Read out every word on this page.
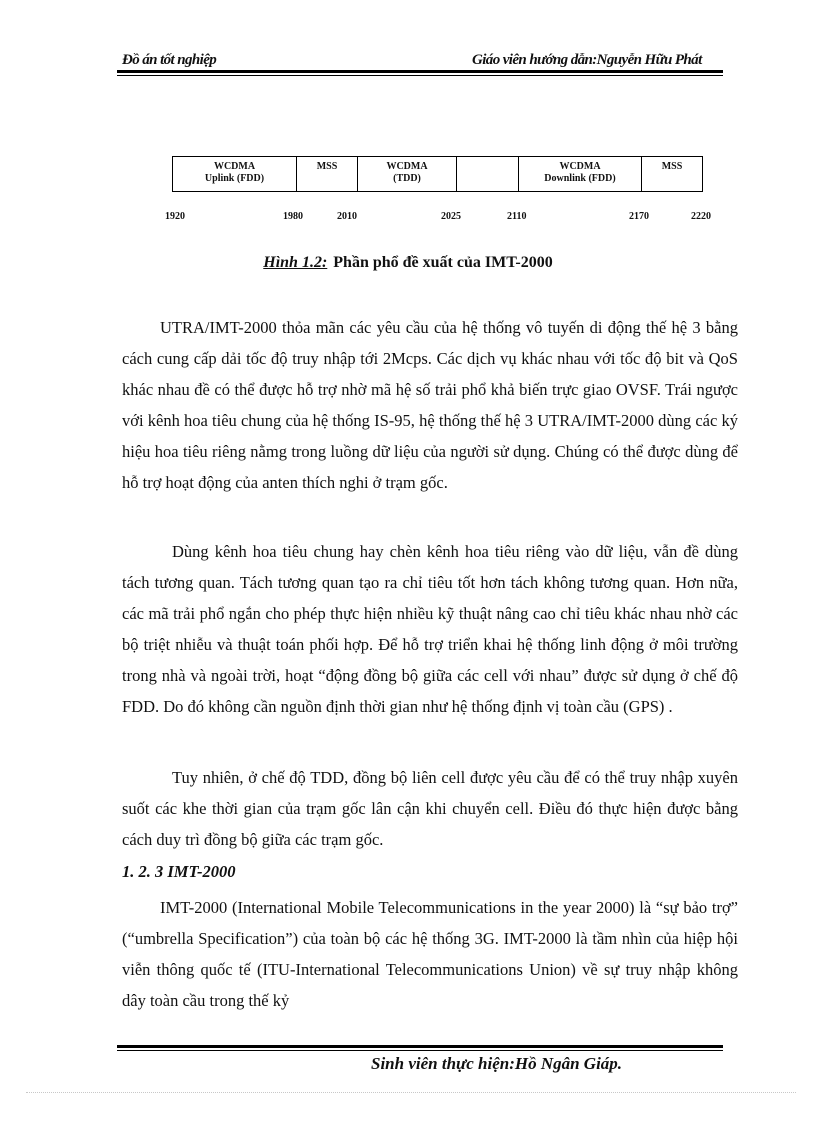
Đồ án tốt nghiệp	Giáo viên hướng dẫn:Nguyễn Hữu Phát
WCDMA
Uplink (FDD)
MSS	WCDMA
(TDD)
WCDMA
Downlink (FDD)
MSS
1920	1980	2010	2025	2110	2170	2220
Hình 1.2: Phần phổ đề xuất của IMT-2000
UTRA/IMT-2000 thỏa mãn các yêu cầu của hệ thống vô tuyến di động thế hệ 3 bằng cách cung cấp dải tốc độ truy nhập tới 2Mcps. Các dịch vụ khác nhau với tốc độ bit và QoS khác nhau đề có thể được hỗ trợ nhờ mã hệ số trải phổ khả biến trực giao OVSF. Trái ngược với kênh hoa tiêu chung của hệ thống IS-95, hệ thống thế hệ 3 UTRA/IMT-2000 dùng các ký hiệu hoa tiêu riêng nằmg trong luồng dữ liệu của người sử dụng. Chúng có thể được dùng để hỗ trợ hoạt động của anten thích nghi ở trạm gốc.
Dùng kênh hoa tiêu chung hay chèn kênh hoa tiêu riêng vào dữ liệu, vẫn đề dùng tách tương quan. Tách tương quan tạo ra chỉ tiêu tốt hơn tách không tương quan. Hơn nữa, các mã trải phổ ngắn cho phép thực hiện nhiều kỹ thuật nâng cao chỉ tiêu khác nhau nhờ các bộ triệt nhiễu và thuật toán phối hợp. Để hỗ trợ triển khai hệ thống linh động ở môi trường trong nhà và ngoài trời, hoạt “động đồng bộ giữa các cell với nhau” được sử dụng ở chế độ FDD. Do đó không cần nguồn định thời gian như hệ thống định vị toàn cầu (GPS) .
Tuy nhiên, ở chế độ TDD, đồng bộ liên cell được yêu cầu để có thể truy nhập xuyên suốt các khe thời gian của trạm gốc lân cận khi chuyển cell. Điều đó thực hiện được bằng cách duy trì đồng bộ giữa các trạm gốc.
1. 2. 3 IMT-2000
IMT-2000 (International Mobile Telecommunications in the year 2000) là “sự bảo trợ” (“umbrella Specification”) của toàn bộ các hệ thống 3G. IMT-2000 là tầm nhìn của hiệp hội viễn thông quốc tế (ITU-International Telecommunications Union) về sự truy nhập không dây toàn cầu trong thế kỷ
Sinh viên thực hiện:Hồ Ngân Giáp.
